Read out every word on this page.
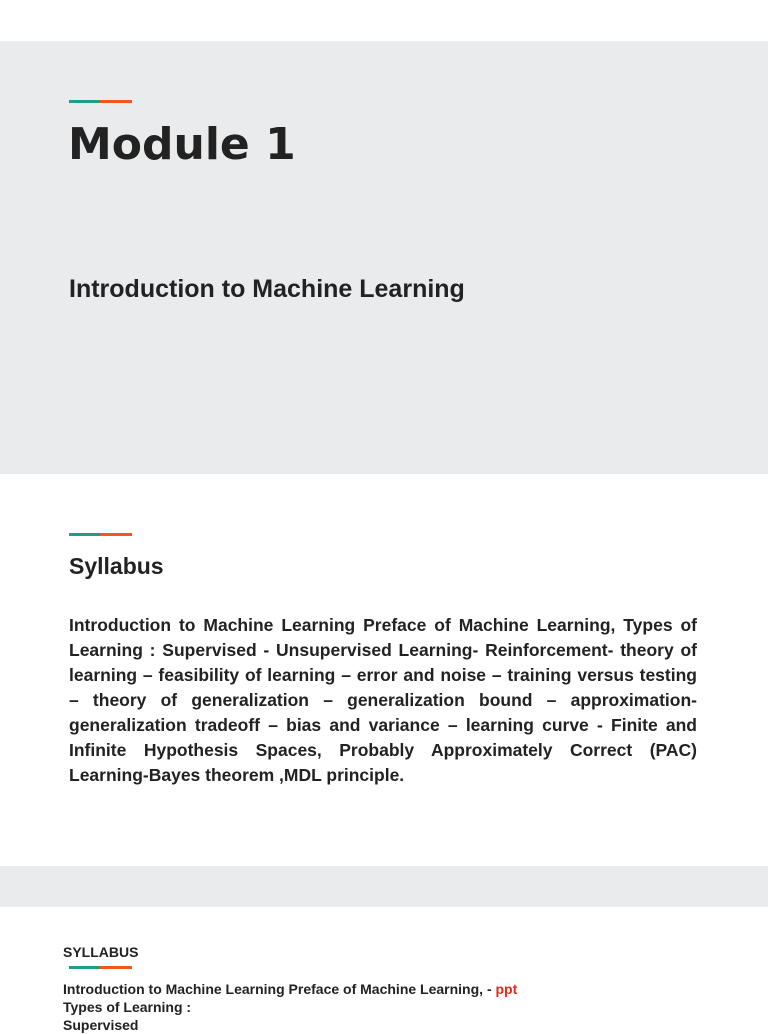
Module 1
Introduction to Machine Learning
Syllabus

Introduction to Machine Learning Preface of Machine Learning, Types of Learning : Supervised - Unsupervised Learning- Reinforcement- theory of learning – feasibility of learning – error and noise – training versus testing – theory of generalization – generalization bound – approximation-generalization tradeoff – bias and variance – learning curve - Finite and Infinite Hypothesis Spaces, Probably Approximately Correct (PAC) Learning-Bayes theorem ,MDL principle.

SYLLABUS

Introduction to Machine Learning Preface of Machine Learning, - ppt

Types of Learning :

Supervised
